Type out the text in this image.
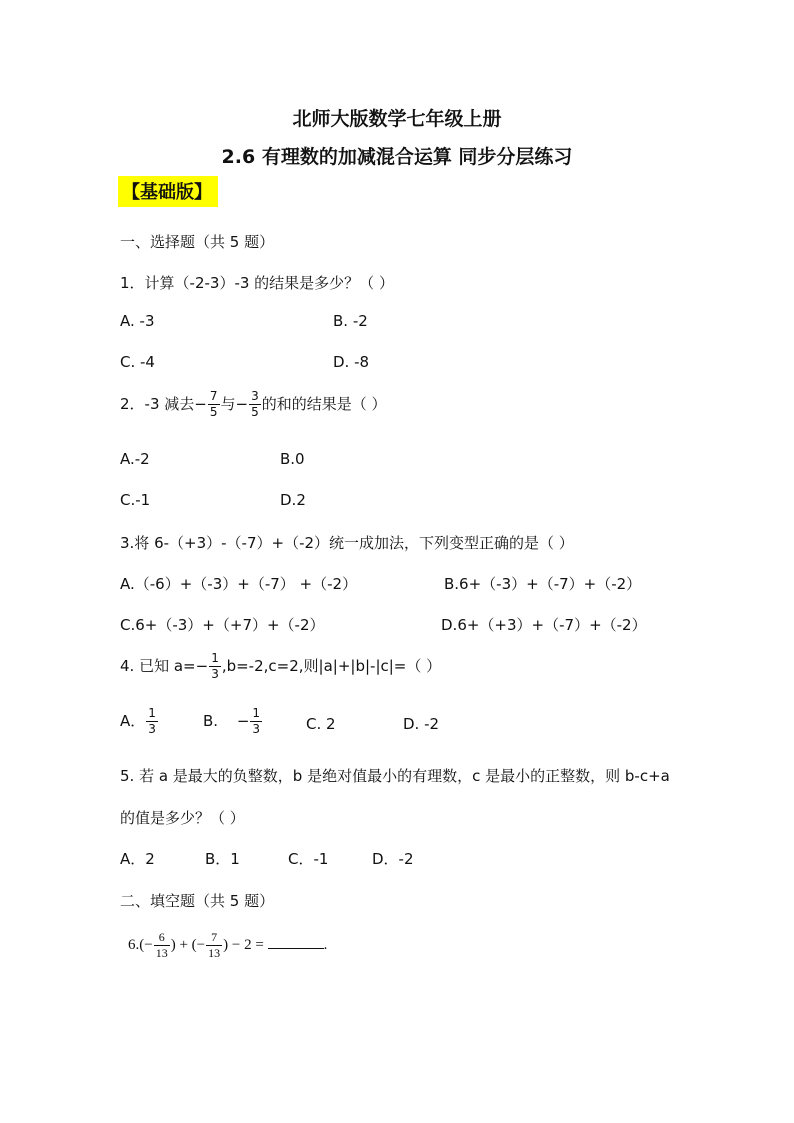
北师大版数学七年级上册
2.6 有理数的加减混合运算 同步分层练习
【基础版】
一、选择题（共 5 题）
1．计算（-2-3）-3 的结果是多少？（ ）
A. -3	B. -2
C. -4	D. -8
2．-3 减去− $\frac{7}{5}$ 与− $\frac{3}{5}$ 的和的结果是（ ）
A.-2	B.0
C.-1	D.2
3.将 6-（+3）-（-7）+（-2）统一成加法，下列变型正确的是（ ）
A.（-6）+（-3）+（-7） +（-2）	B.6+（-3）+（-7）+（-2）
C.6+（-3）+（+7）+（-2）	D.6+（+3）+（-7）+（-2）
4. 已知 $a=- \frac{1}{3} ,b=-2,c=2$,则|a|+|b|-|c|=（ ）
A． $\frac{1}{3}$	B. − $\frac{1}{3}$	C. 2	D. -2
5. 若 a 是最大的负整数，b 是绝对值最小的有理数，c 是最小的正整数，则 b-c+a
的值是多少？（ ）
A．2	B．1	C．-1	D．-2
二、填空题（共 5 题）
$6.(- \frac{6}{13}$ ) + (− $\frac{7}{13}$ ) − 2 =	.
